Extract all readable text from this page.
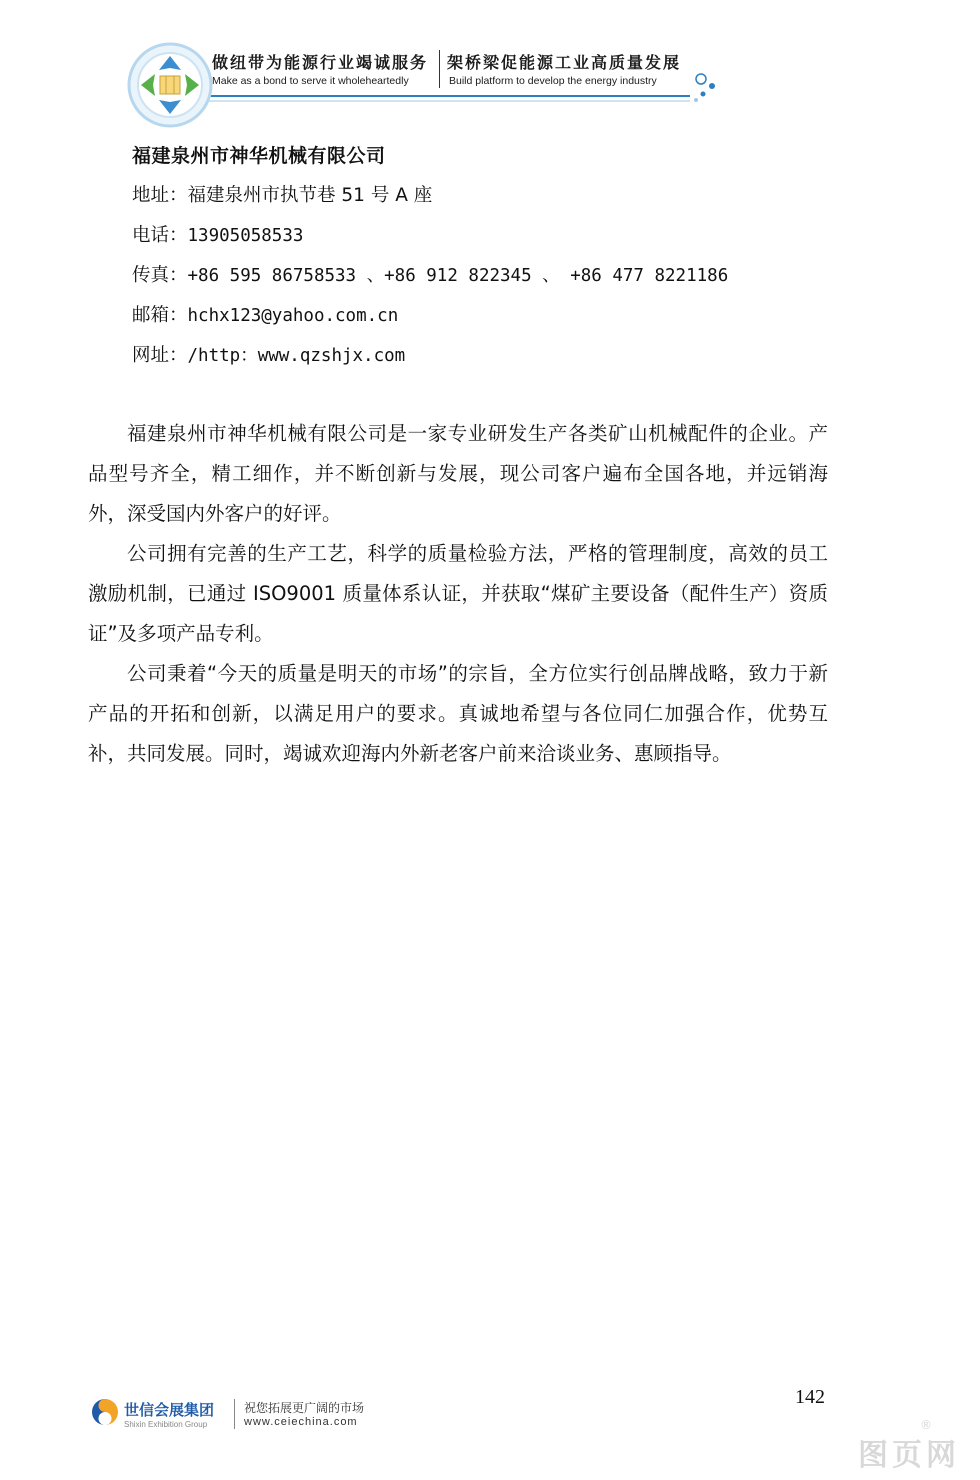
做纽带为能源行业竭诚服务 架桥梁促能源工业高质量发展
Make as a bond to serve it wholeheartedly	Build platform to develop the energy industry
福建泉州市神华机械有限公司
地址：福建泉州市执节巷 51 号 A 座
电话：13905058533
传真：+86 595 86758533 、+86 912 822345 、 +86 477 8221186
邮箱：hchx123@yahoo.com.cn
网址：/http：www.qzshjx.com

福建泉州市神华机械有限公司是一家专业研发生产各类矿山机械配件的企业。产品型号齐全，精工细作，并不断创新与发展，现公司客户遍布全国各地，并远销海外，深受国内外客户的好评。

公司拥有完善的生产工艺，科学的质量检验方法，严格的管理制度，高效的员工激励机制，已通过 ISO9001 质量体系认证，并获取“煤矿主要设备（配件生产）资质证”及多项产品专利。

公司秉着“今天的质量是明天的市场”的宗旨，全方位实行创品牌战略，致力于新产品的开拓和创新，以满足用户的要求。真诚地希望与各位同仁加强合作，优势互补，共同发展。同时，竭诚欢迎海内外新老客户前来洽谈业务、惠顾指导。

世信会展集团
Shixin Exhibition Group
祝您拓展更广阔的市场
www.ceiechina.com
142
图页网
®
